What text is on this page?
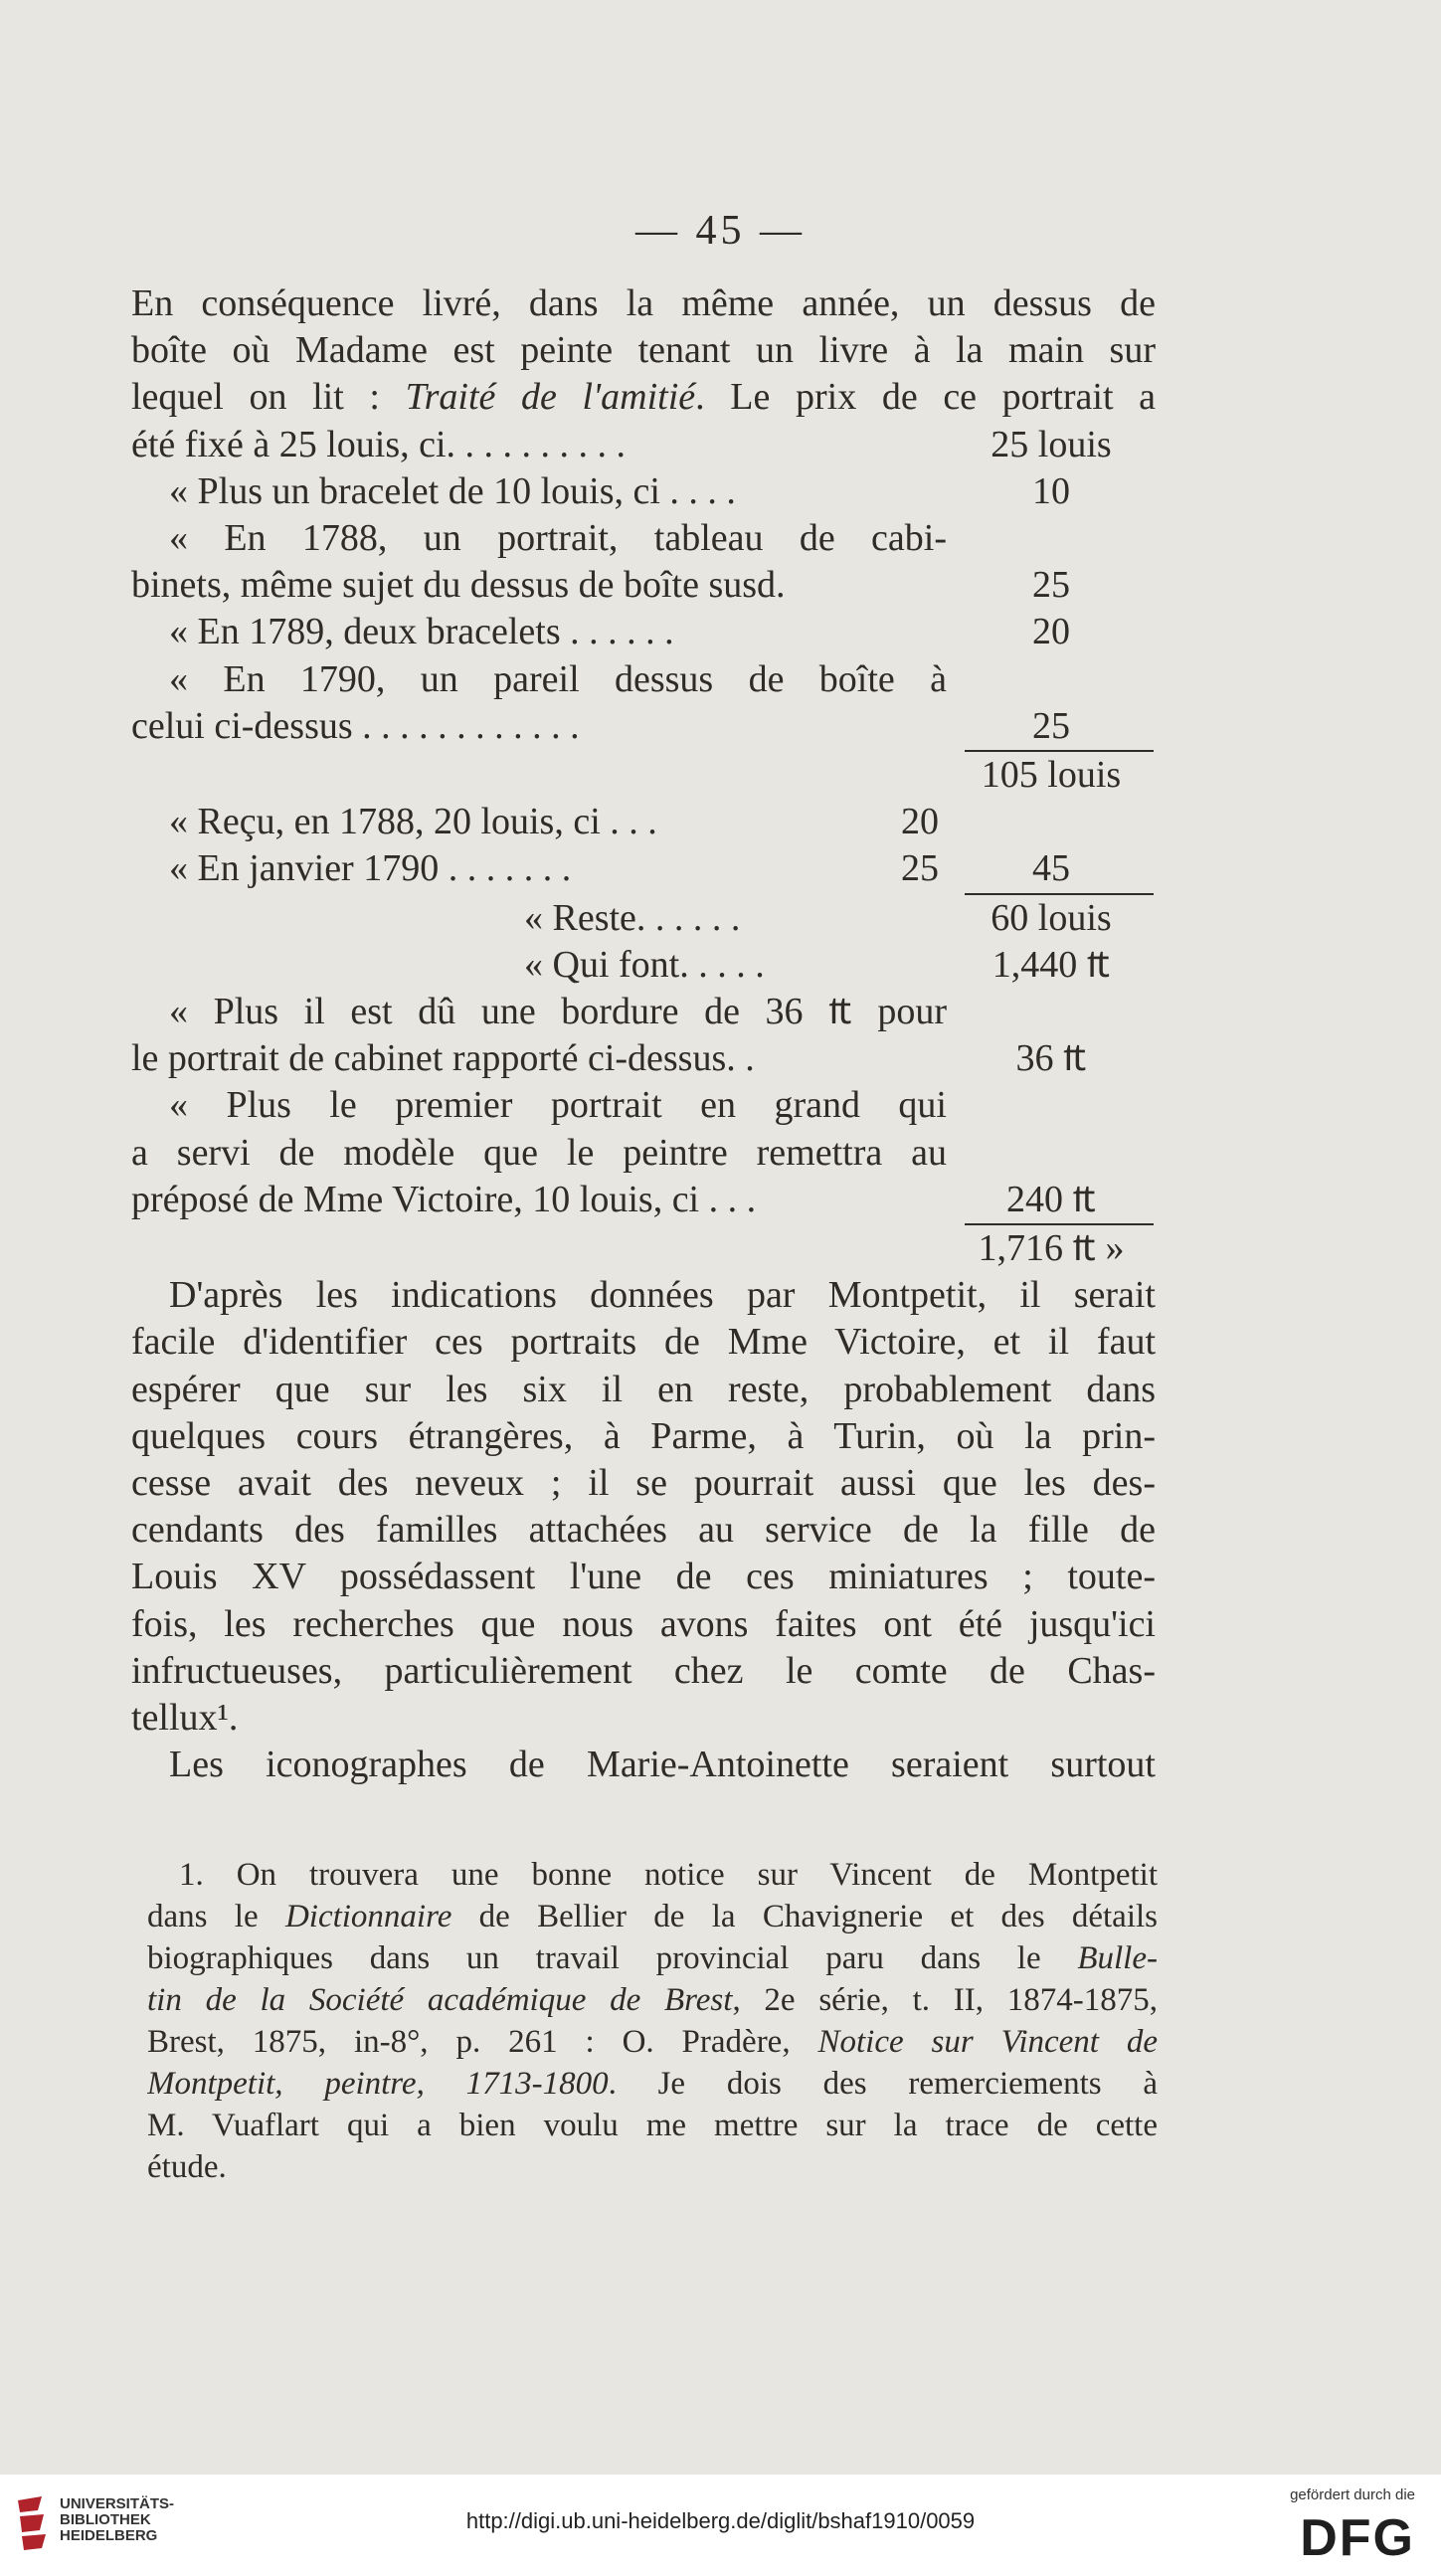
— 45 —
En conséquence livré, dans la même année, un dessus de
boîte où Madame est peinte tenant un livre à la main sur
lequel on lit : Traité de l'amitié. Le prix de ce portrait a
été fixé à 25 louis, ci. . . . . . . . . .	25 louis
« Plus un bracelet de 10 louis, ci . . . .	10
« En 1788, un portrait, tableau de cabi-
binets, même sujet du dessus de boîte susd.	25
« En 1789, deux bracelets . . . . . .	20
« En 1790, un pareil dessus de boîte à
celui ci-dessus . . . . . . . . . . . .	25
105 louis
« Reçu, en 1788, 20 louis, ci . . .	20
« En janvier 1790 . . . . . . .	25	45
« Reste. . . . . .	60 louis
« Qui font. . . . .	1,440 ₶
« Plus il est dû une bordure de 36 ₶ pour
le portrait de cabinet rapporté ci-dessus. .	36 ₶
« Plus le premier portrait en grand qui
a servi de modèle que le peintre remettra au
préposé de Mme Victoire, 10 louis, ci . . .	240 ₶
1,716 ₶ »
D'après les indications données par Montpetit, il serait
facile d'identifier ces portraits de Mme Victoire, et il faut
espérer que sur les six il en reste, probablement dans
quelques cours étrangères, à Parme, à Turin, où la prin-
cesse avait des neveux ; il se pourrait aussi que les des-
cendants des familles attachées au service de la fille de
Louis XV possédassent l'une de ces miniatures ; toute-
fois, les recherches que nous avons faites ont été jusqu'ici
infructueuses, particulièrement chez le comte de Chas-
tellux¹.
Les iconographes de Marie-Antoinette seraient surtout
1. On trouvera une bonne notice sur Vincent de Montpetit
dans le Dictionnaire de Bellier de la Chavignerie et des détails
biographiques dans un travail provincial paru dans le Bulle-
tin de la Société académique de Brest, 2e série, t. II, 1874-1875,
Brest, 1875, in-8°, p. 261 : O. Pradère, Notice sur Vincent de
Montpetit, peintre, 1713-1800. Je dois des remerciements à
M. Vuaflart qui a bien voulu me mettre sur la trace de cette
étude.
UNIVERSITÄTS-
BIBLIOTHEK
HEIDELBERG
http://digi.ub.uni-heidelberg.de/diglit/bshaf1910/0059
gefördert durch die
DFG
